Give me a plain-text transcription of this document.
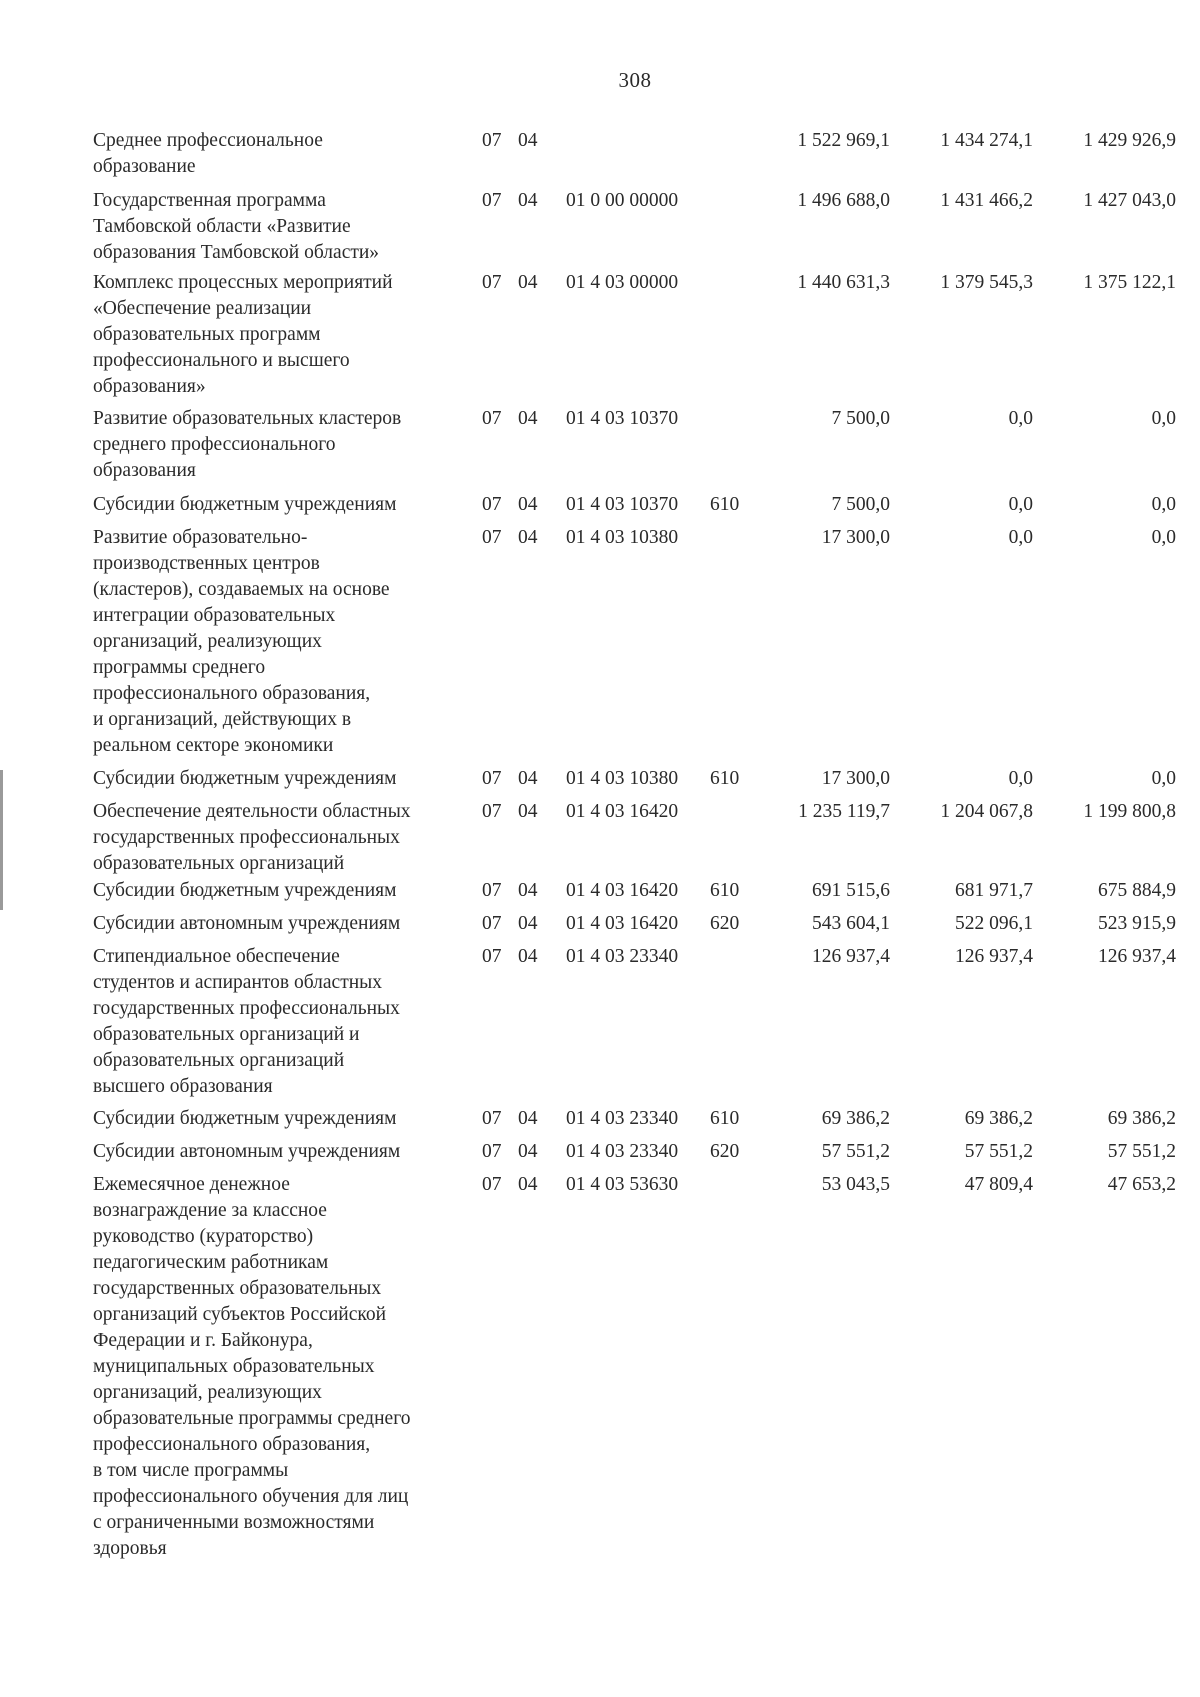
308
Среднее профессиональное
образование
07 04	1 522 969,1	1 434 274,1	1 429 926,9
Государственная программа
Тамбовской области «Развитие
образования Тамбовской области»
07 04 01 0 00 00000	1 496 688,0	1 431 466,2	1 427 043,0
Комплекс процессных мероприятий
«Обеспечение реализации
образовательных программ
профессионального и высшего
образования»
07 04 01 4 03 00000	1 440 631,3	1 379 545,3	1 375 122,1
Развитие образовательных кластеров
среднего профессионального
образования
07 04 01 4 03 10370	7 500,0	0,0	0,0
Субсидии бюджетным учреждениям	07 04 01 4 03 10370 610	7 500,0	0,0	0,0
Развитие образовательно-
производственных центров
(кластеров), создаваемых на основе
интеграции образовательных
организаций, реализующих
программы среднего
профессионального образования,
и организаций, действующих в
реальном секторе экономики
07 04 01 4 03 10380	17 300,0	0,0	0,0
Субсидии бюджетным учреждениям	07 04 01 4 03 10380 610	17 300,0	0,0	0,0
Обеспечение деятельности областных
государственных профессиональных
образовательных организаций
07 04 01 4 03 16420	1 235 119,7	1 204 067,8	1 199 800,8
Субсидии бюджетным учреждениям	07 04 01 4 03 16420 610	691 515,6	681 971,7	675 884,9
Субсидии автономным учреждениям	07 04 01 4 03 16420 620	543 604,1	522 096,1	523 915,9
Стипендиальное обеспечение
студентов и аспирантов областных
государственных профессиональных
образовательных организаций и
образовательных организаций
высшего образования
07 04 01 4 03 23340	126 937,4	126 937,4	126 937,4
Субсидии бюджетным учреждениям	07 04 01 4 03 23340 610	69 386,2	69 386,2	69 386,2
Субсидии автономным учреждениям	07 04 01 4 03 23340 620	57 551,2	57 551,2	57 551,2
Ежемесячное денежное
вознаграждение за классное
руководство (кураторство)
педагогическим работникам
государственных образовательных
организаций субъектов Российской
Федерации и г. Байконура,
муниципальных образовательных
организаций, реализующих
образовательные программы среднего
профессионального образования,
в том числе программы
профессионального обучения для лиц
с ограниченными возможностями
здоровья
07 04 01 4 03 53630	53 043,5	47 809,4	47 653,2
